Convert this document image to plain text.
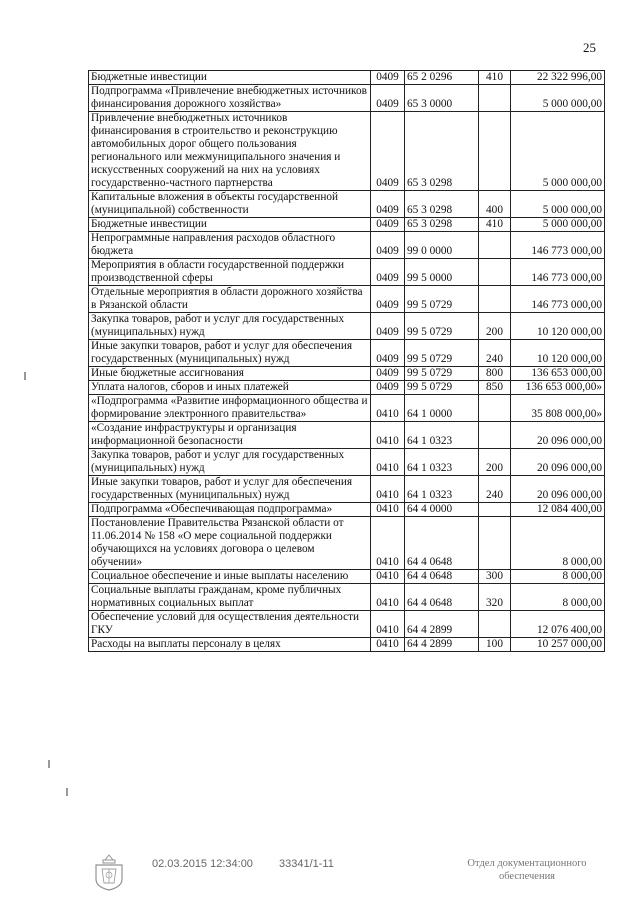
25
Бюджетные инвестиции	0409	65 2 0296	410	22 322 996,00
Подпрограмма «Привлечение внебюджетных источников финансирования дорожного хозяйства»	0409	65 3 0000		5 000 000,00
Привлечение внебюджетных источников финансирования в строительство и реконструкцию автомобильных дорог общего пользования регионального или межмуниципального значения и искусственных сооружений на них на условиях государственно-частного партнерства	0409	65 3 0298		5 000 000,00
Капитальные вложения в объекты государственной (муниципальной) собственности	0409	65 3 0298	400	5 000 000,00
Бюджетные инвестиции	0409	65 3 0298	410	5 000 000,00
Непрограммные направления расходов областного бюджета	0409	99 0 0000		146 773 000,00
Мероприятия в области государственной поддержки производственной сферы	0409	99 5 0000		146 773 000,00
Отдельные мероприятия в области дорожного хозяйства в Рязанской области	0409	99 5 0729		146 773 000,00
Закупка товаров, работ и услуг для государственных (муниципальных) нужд	0409	99 5 0729	200	10 120 000,00
Иные закупки товаров, работ и услуг для обеспечения государственных (муниципальных) нужд	0409	99 5 0729	240	10 120 000,00
Иные бюджетные ассигнования	0409	99 5 0729	800	136 653 000,00
Уплата налогов, сборов и иных платежей	0409	99 5 0729	850	136 653 000,00»
«Подпрограмма «Развитие информационного общества и формирование электронного правительства»	0410	64 1 0000		35 808 000,00»
«Создание инфраструктуры и организация информационной безопасности	0410	64 1 0323		20 096 000,00
Закупка товаров, работ и услуг для государственных (муниципальных) нужд	0410	64 1 0323	200	20 096 000,00
Иные закупки товаров, работ и услуг для обеспечения государственных (муниципальных) нужд	0410	64 1 0323	240	20 096 000,00
Подпрограмма «Обеспечивающая подпрограмма»	0410	64 4 0000		12 084 400,00
Постановление Правительства Рязанской области от 11.06.2014 № 158 «О мере социальной поддержки обучающихся на условиях договора о целевом обучении»	0410	64 4 0648		8 000,00
Социальное обеспечение и иные выплаты населению	0410	64 4 0648	300	8 000,00
Социальные выплаты гражданам, кроме публичных нормативных социальных выплат	0410	64 4 0648	320	8 000,00
Обеспечение условий для осуществления деятельности ГКУ	0410	64 4 2899		12 076 400,00
Расходы на выплаты персоналу в целях	0410	64 4 2899	100	10 257 000,00
02.03.2015 12:34:00 33341/1-11	Отдел документационного обеспечения
